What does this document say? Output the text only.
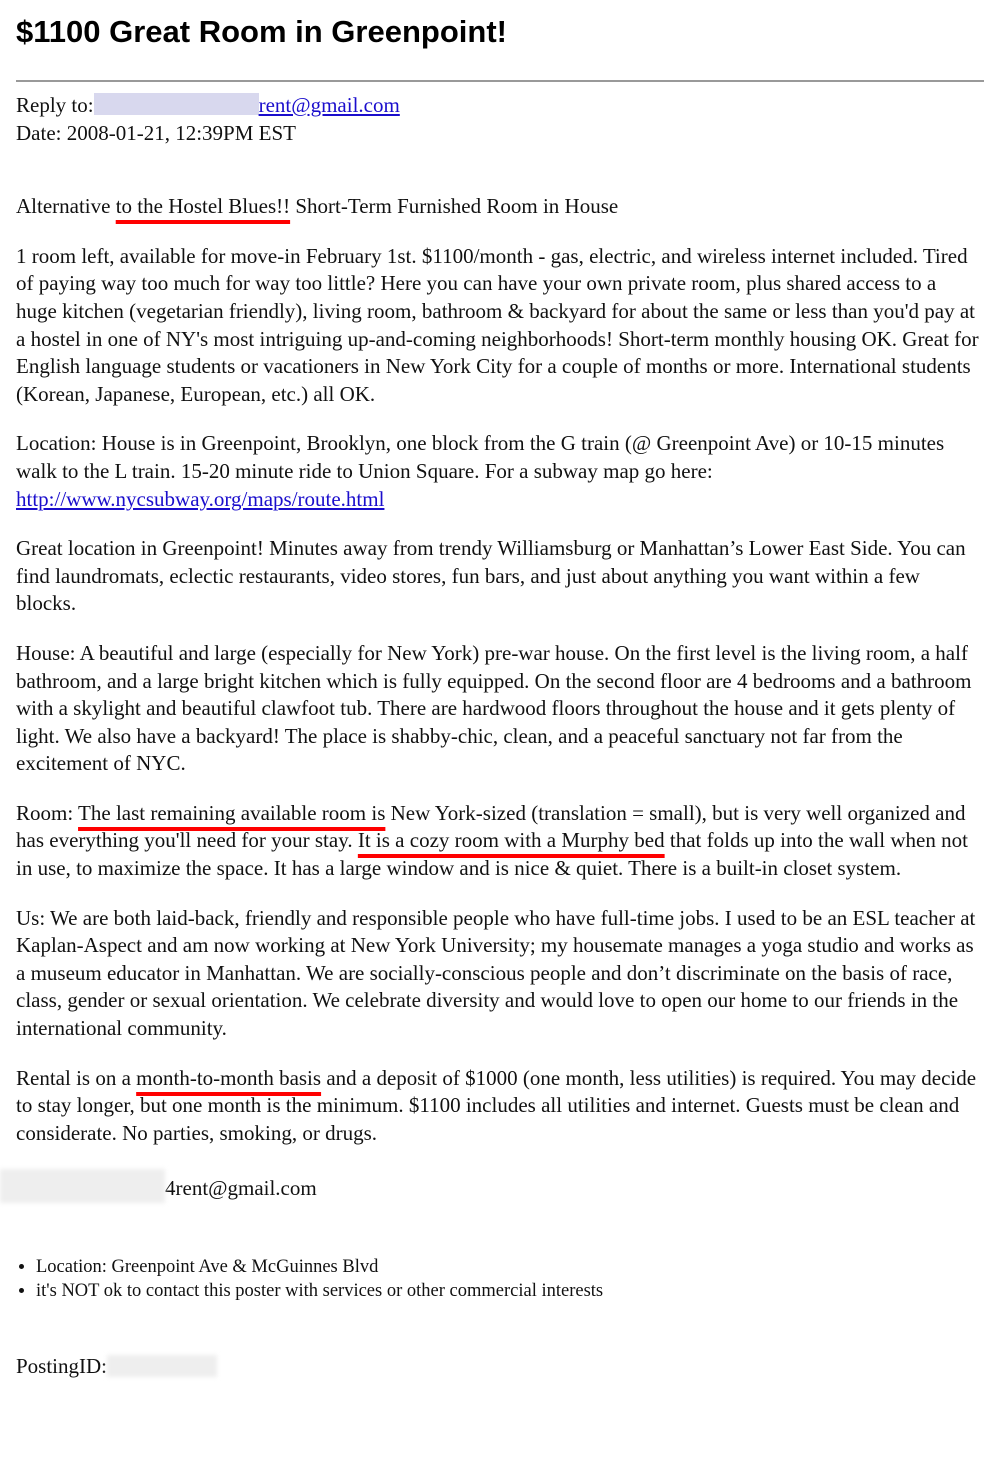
$1100 Great Room in Greenpoint!
Reply to:	rent@gmail.com
Date: 2008-01-21, 12:39PM EST

Alternative to the Hostel Blues!! Short-Term Furnished Room in House

1 room left, available for move-in February 1st. $1100/month - gas, electric, and wireless internet included. Tired of paying way too much for way too little? Here you can have your own private room, plus shared access to a huge kitchen (vegetarian friendly), living room, bathroom & backyard for about the same or less than you'd pay at a hostel in one of NY's most intriguing up-and-coming neighborhoods! Short-term monthly housing OK. Great for English language students or vacationers in New York City for a couple of months or more. International students (Korean, Japanese, European, etc.) all OK.

Location: House is in Greenpoint, Brooklyn, one block from the G train (@ Greenpoint Ave) or 10-15 minutes walk to the L train. 15-20 minute ride to Union Square. For a subway map go here: http://www.nycsubway.org/maps/route.html

Great location in Greenpoint! Minutes away from trendy Williamsburg or Manhattan’s Lower East Side. You can find laundromats, eclectic restaurants, video stores, fun bars, and just about anything you want within a few blocks.

House: A beautiful and large (especially for New York) pre-war house. On the first level is the living room, a half bathroom, and a large bright kitchen which is fully equipped. On the second floor are 4 bedrooms and a bathroom with a skylight and beautiful clawfoot tub. There are hardwood floors throughout the house and it gets plenty of light. We also have a backyard! The place is shabby-chic, clean, and a peaceful sanctuary not far from the excitement of NYC.

Room: The last remaining available room is New York-sized (translation = small), but is very well organized and has everything you'll need for your stay. It is a cozy room with a Murphy bed that folds up into the wall when not in use, to maximize the space. It has a large window and is nice & quiet. There is a built-in closet system.

Us: We are both laid-back, friendly and responsible people who have full-time jobs. I used to be an ESL teacher at Kaplan-Aspect and am now working at New York University; my housemate manages a yoga studio and works as a museum educator in Manhattan. We are socially-conscious people and don’t discriminate on the basis of race, class, gender or sexual orientation. We celebrate diversity and would love to open our home to our friends in the international community.

Rental is on a month-to-month basis and a deposit of $1000 (one month, less utilities) is required. You may decide to stay longer, but one month is the minimum. $1100 includes all utilities and internet. Guests must be clean and considerate. No parties, smoking, or drugs.

4rent@gmail.com
• Location: Greenpoint Ave & McGuinnes Blvd
• it's NOT ok to contact this poster with services or other commercial interests
PostingID:
